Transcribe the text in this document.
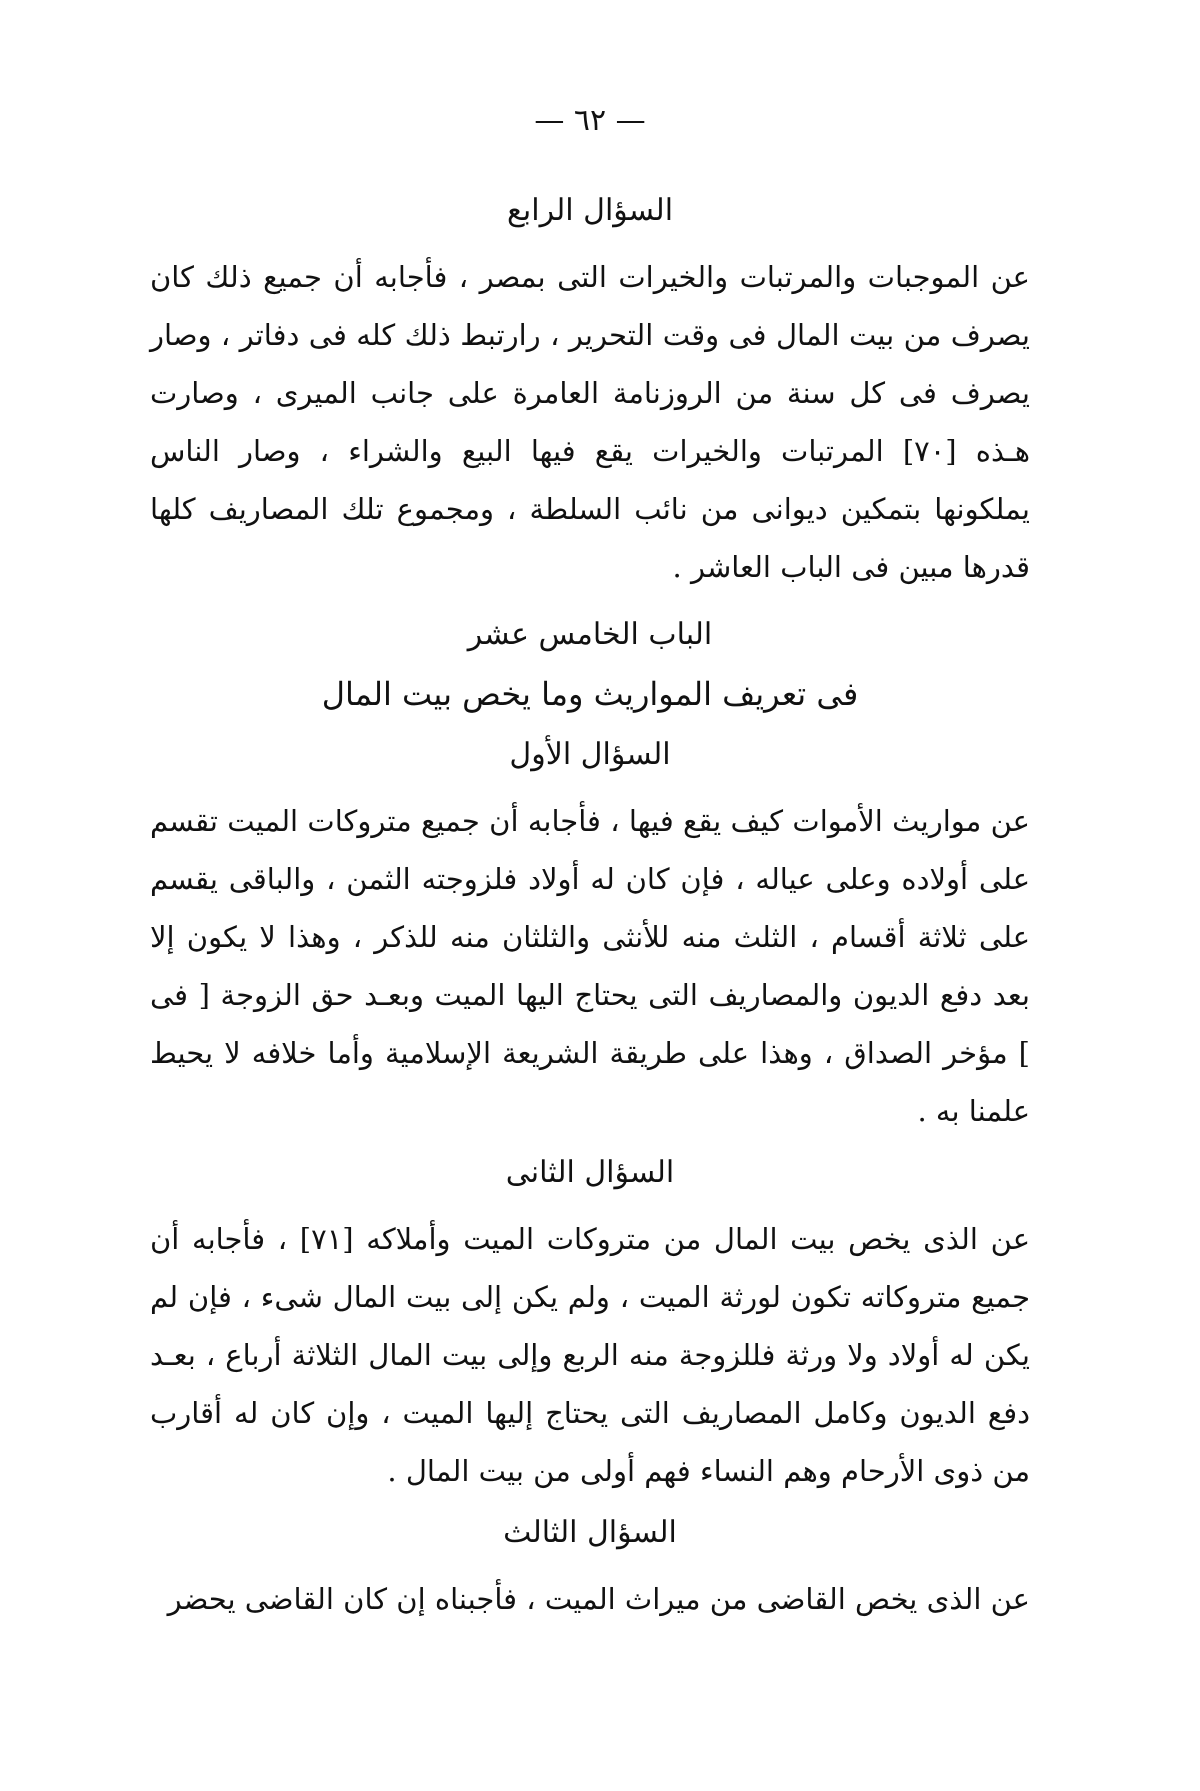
— ٦٢ —
السؤال الرابع

عن الموجبات والمرتبات والخيرات التى بمصر ، فأجابه أن جميع ذلك كان يصرف من بيت المال فى وقت التحرير ، رارتبط ذلك كله فى دفاتر ، وصار يصرف فى كل سنة من الروزنامة العامرة على جانب الميرى ، وصارت هـذه [٧٠] المرتبات والخيرات يقع فيها البيع والشراء ، وصار الناس يملكونها بتمكين ديوانى من نائب السلطة ، ومجموع تلك المصاريف كلها قدرها مبين فى الباب العاشر .

الباب الخامس عشر
فى تعريف المواريث وما يخص بيت المال
السؤال الأول

عن مواريث الأموات كيف يقع فيها ، فأجابه أن جميع متروكات الميت تقسم على أولاده وعلى عياله ، فإن كان له أولاد فلزوجته الثمن ، والباقى يقسم على ثلاثة أقسام ، الثلث منه للأنثى والثلثان منه للذكر ، وهذا لا يكون إلا بعد دفع الديون والمصاريف التى يحتاج اليها الميت وبعـد حق الزوجة [ فى ] مؤخر الصداق ، وهذا على طريقة الشريعة الإسلامية وأما خلافه لا يحيط علمنا به .

السؤال الثانى

عن الذى يخص بيت المال من متروكات الميت وأملاكه [٧١] ، فأجابه أن جميع متروكاته تكون لورثة الميت ، ولم يكن إلى بيت المال شىء ، فإن لم يكن له أولاد ولا ورثة فللزوجة منه الربع وإلى بيت المال الثلاثة أرباع ، بعـد دفع الديون وكامل المصاريف التى يحتاج إليها الميت ، وإن كان له أقارب من ذوى الأرحام وهم النساء فهم أولى من بيت المال .

السؤال الثالث

عن الذى يخص القاضى من ميراث الميت ، فأجبناه إن كان القاضى يحضر
